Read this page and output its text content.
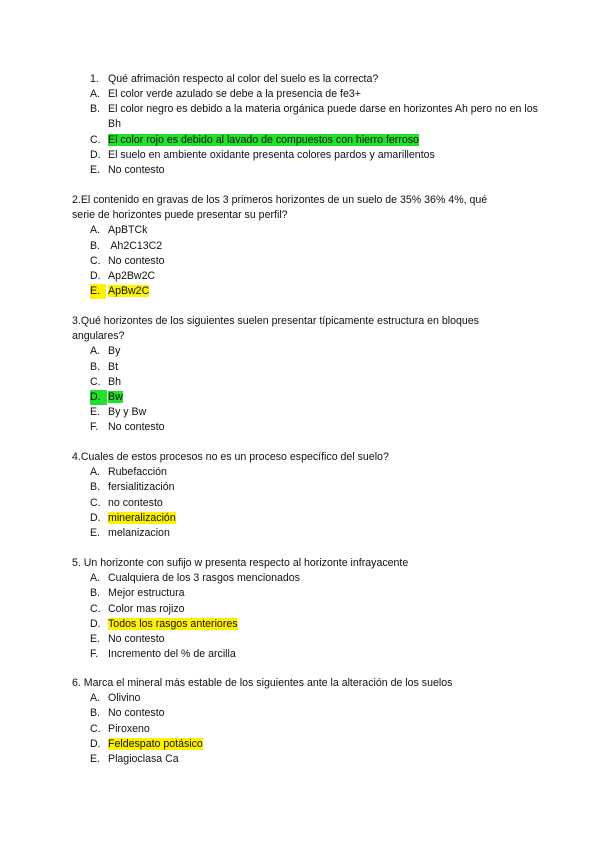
1. Qué afrimación respecto al color del suelo es la correcta?
A. El color verde azulado se debe a la presencia de fe3+
B. El color negro es debido a la materia orgánica puede darse en horizontes Ah pero no en los Bh
C. El color rojo es debido al lavado de compuestos con hierro ferroso
D. El suelo en ambiente oxidante presenta colores pardos y amarillentos
E. No contesto
2.El contenido en gravas de los 3 primeros horizontes de un suelo de 35% 36% 4%, qué
serie de horizontes puede presentar su perfil?
A. ApBTCk
B. Ah2C13C2
C. No contesto
D. Ap2Bw2C
E. ApBw2C
3.Qué horizontes de los siguientes suelen presentar típicamente estructura en bloques
angulares?
A. By
B. Bt
C. Bh
D. Bw
E. By y Bw
F. No contesto
4.Cuales de estos procesos no es un proceso específico del suelo?
A. Rubefacción
B. fersialitización
C. no contesto
D. mineralización
E. melanizacion
5. Un horizonte con sufijo w presenta respecto al horizonte infrayacente
A. Cualquiera de los 3 rasgos mencionados
B. Mejor estructura
C. Color mas rojizo
D. Todos los rasgos anteriores
E. No contesto
F. Incremento del % de arcilla
6. Marca el mineral más estable de los siguientes ante la alteración de los suelos
A. Olivino
B. No contesto
C. Piroxeno
D. Feldespato potásico
E. Plagioclasa Ca
